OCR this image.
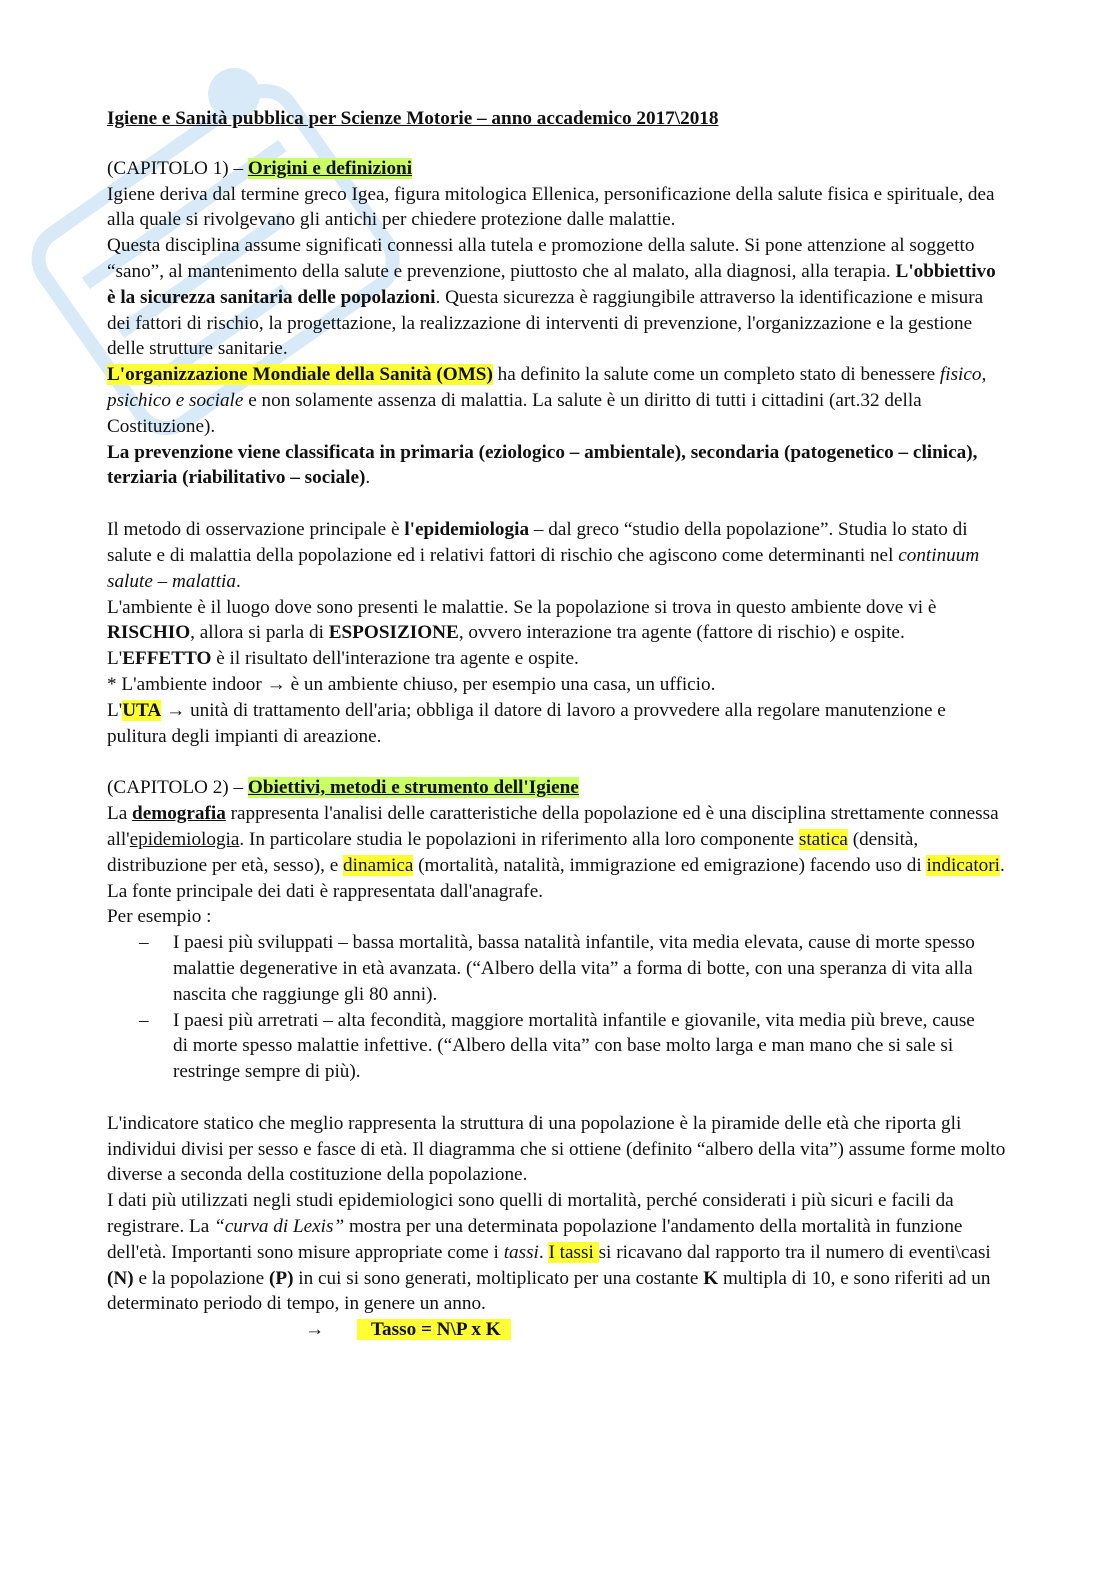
Igiene e Sanità pubblica per Scienze Motorie – anno accademico 2017\2018

(CAPITOLO 1) – Origini e definizioni

Igiene deriva dal termine greco Igea, figura mitologica Ellenica, personificazione della salute fisica e spirituale, dea alla quale si rivolgevano gli antichi per chiedere protezione dalle malattie.

Questa disciplina assume significati connessi alla tutela e promozione della salute. Si pone attenzione al soggetto “sano”, al mantenimento della salute e prevenzione, piuttosto che al malato, alla diagnosi, alla terapia. L'obbiettivo è la sicurezza sanitaria delle popolazioni. Questa sicurezza è raggiungibile attraverso la identificazione e misura dei fattori di rischio, la progettazione, la realizzazione di interventi di prevenzione, l'organizzazione e la gestione delle strutture sanitarie.

L'organizzazione Mondiale della Sanità (OMS) ha definito la salute come un completo stato di benessere fisico, psichico e sociale e non solamente assenza di malattia. La salute è un diritto di tutti i cittadini (art.32 della Costituzione).

La prevenzione viene classificata in primaria (eziologico – ambientale), secondaria (patogenetico – clinica), terziaria (riabilitativo – sociale).

Il metodo di osservazione principale è l'epidemiologia – dal greco “studio della popolazione”. Studia lo stato di salute e di malattia della popolazione ed i relativi fattori di rischio che agiscono come determinanti nel continuum salute – malattia.

L'ambiente è il luogo dove sono presenti le malattie. Se la popolazione si trova in questo ambiente dove vi è RISCHIO, allora si parla di ESPOSIZIONE, ovvero interazione tra agente (fattore di rischio) e ospite. L'EFFETTO è il risultato dell'interazione tra agente e ospite.

* L'ambiente indoor → è un ambiente chiuso, per esempio una casa, un ufficio.

L'UTA → unità di trattamento dell'aria; obbliga il datore di lavoro a provvedere alla regolare manutenzione e pulitura degli impianti di areazione.

(CAPITOLO 2) – Obiettivi, metodi e strumento dell'Igiene

La demografia rappresenta l'analisi delle caratteristiche della popolazione ed è una disciplina strettamente connessa all'epidemiologia. In particolare studia le popolazioni in riferimento alla loro componente statica (densità, distribuzione per età, sesso), e dinamica (mortalità, natalità, immigrazione ed emigrazione) facendo uso di indicatori. La fonte principale dei dati è rappresentata dall'anagrafe.

Per esempio :

– I paesi più sviluppati – bassa mortalità, bassa natalità infantile, vita media elevata, cause di morte spesso malattie degenerative in età avanzata. (“Albero della vita” a forma di botte, con una speranza di vita alla nascita che raggiunge gli 80 anni).
– I paesi più arretrati – alta fecondità, maggiore mortalità infantile e giovanile, vita media più breve, cause di morte spesso malattie infettive. (“Albero della vita” con base molto larga e man mano che si sale si restringe sempre di più).

L'indicatore statico che meglio rappresenta la struttura di una popolazione è la piramide delle età che riporta gli individui divisi per sesso e fasce di età. Il diagramma che si ottiene (definito “albero della vita”) assume forme molto diverse a seconda della costituzione della popolazione.

I dati più utilizzati negli studi epidemiologici sono quelli di mortalità, perché considerati i più sicuri e facili da registrare. La “curva di Lexis” mostra per una determinata popolazione l'andamento della mortalità in funzione dell'età. Importanti sono misure appropriate come i tassi. I tassi si ricavano dal rapporto tra il numero di eventi\casi (N) e la popolazione (P) in cui si sono generati, moltiplicato per una costante K multipla di 10, e sono riferiti ad un determinato periodo di tempo, in genere un anno.

→ Tasso = N\P x K
